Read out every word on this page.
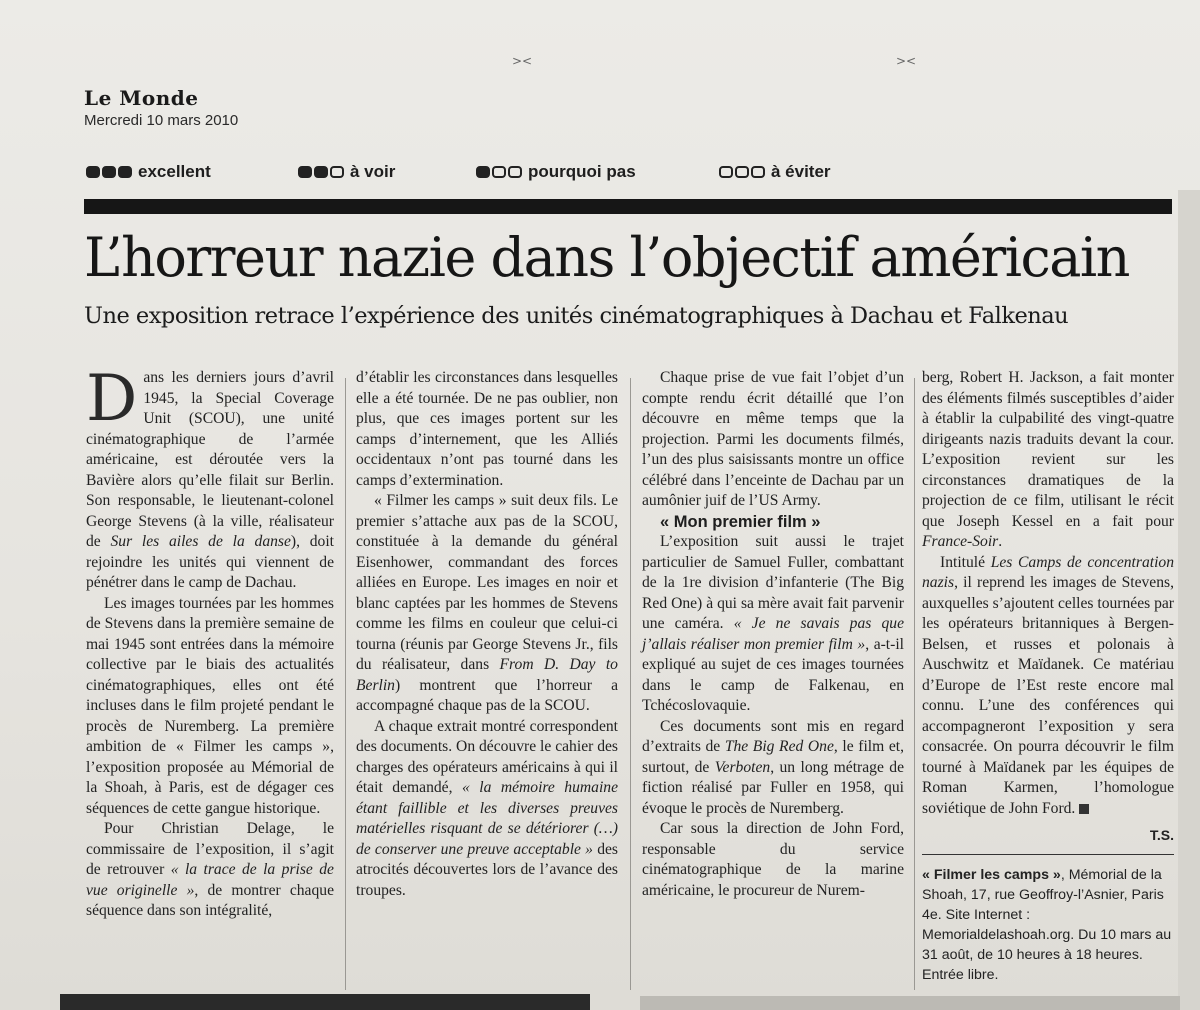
><	><
Le Monde
Mercredi 10 mars 2010
excellent	à voir	pourquoi pas	à éviter
L’horreur nazie dans l’objectif américain
Une exposition retrace l’expérience des unités cinématographiques à Dachau et Falkenau

Dans les derniers jours d’avril 1945, la Special Coverage Unit (SCOU), une unité cinématographique de l’armée américaine, est déroutée vers la Bavière alors qu’elle filait sur Berlin. Son responsable, le lieutenant-colonel George Stevens (à la ville, réalisateur de Sur les ailes de la danse), doit rejoindre les unités qui viennent de pénétrer dans le camp de Dachau.

Les images tournées par les hommes de Stevens dans la première semaine de mai 1945 sont entrées dans la mémoire collective par le biais des actualités cinématographiques, elles ont été incluses dans le film projeté pendant le procès de Nuremberg. La première ambition de « Filmer les camps », l’exposition proposée au Mémorial de la Shoah, à Paris, est de dégager ces séquences de cette gangue historique.

Pour Christian Delage, le commissaire de l’exposition, il s’agit de retrouver « la trace de la prise de vue originelle », de montrer chaque séquence dans son intégralité,

d’établir les circonstances dans lesquelles elle a été tournée. De ne pas oublier, non plus, que ces images portent sur les camps d’internement, que les Alliés occidentaux n’ont pas tourné dans les camps d’extermination.

« Filmer les camps » suit deux fils. Le premier s’attache aux pas de la SCOU, constituée à la demande du général Eisenhower, commandant des forces alliées en Europe. Les images en noir et blanc captées par les hommes de Stevens comme les films en couleur que celui-ci tourna (réunis par George Stevens Jr., fils du réalisateur, dans From D. Day to Berlin) montrent que l’horreur a accompagné chaque pas de la SCOU.

A chaque extrait montré correspondent des documents. On découvre le cahier des charges des opérateurs américains à qui il était demandé, « la mémoire humaine étant faillible et les diverses preuves matérielles risquant de se détériorer (…) de conserver une preuve acceptable » des atrocités découvertes lors de l’avance des troupes.

Chaque prise de vue fait l’objet d’un compte rendu écrit détaillé que l’on découvre en même temps que la projection. Parmi les documents filmés, l’un des plus saisissants montre un office célébré dans l’enceinte de Dachau par un aumônier juif de l’US Army.

« Mon premier film »

L’exposition suit aussi le trajet particulier de Samuel Fuller, combattant de la 1re division d’infanterie (The Big Red One) à qui sa mère avait fait parvenir une caméra. « Je ne savais pas que j’allais réaliser mon premier film », a-t-il expliqué au sujet de ces images tournées dans le camp de Falkenau, en Tchécoslovaquie.

Ces documents sont mis en regard d’extraits de The Big Red One, le film et, surtout, de Verboten, un long métrage de fiction réalisé par Fuller en 1958, qui évoque le procès de Nuremberg.

Car sous la direction de John Ford, responsable du service cinématographique de la marine américaine, le procureur de Nurem-

berg, Robert H. Jackson, a fait monter des éléments filmés susceptibles d’aider à établir la culpabilité des vingt-quatre dirigeants nazis traduits devant la cour. L’exposition revient sur les circonstances dramatiques de la projection de ce film, utilisant le récit que Joseph Kessel en a fait pour France-Soir.

Intitulé Les Camps de concentration nazis, il reprend les images de Stevens, auxquelles s’ajoutent celles tournées par les opérateurs britanniques à Bergen-Belsen, et russes et polonais à Auschwitz et Maïdanek. Ce matériau d’Europe de l’Est reste encore mal connu. L’une des conférences qui accompagneront l’exposition y sera consacrée. On pourra découvrir le film tourné à Maïdanek par les équipes de Roman Karmen, l’homologue soviétique de John Ford.

T.S.
« Filmer les camps », Mémorial de la Shoah, 17, rue Geoffroy-l’Asnier, Paris 4e. Site Internet : Memorialdelashoah.org. Du 10 mars au 31 août, de 10 heures à 18 heures. Entrée libre.
